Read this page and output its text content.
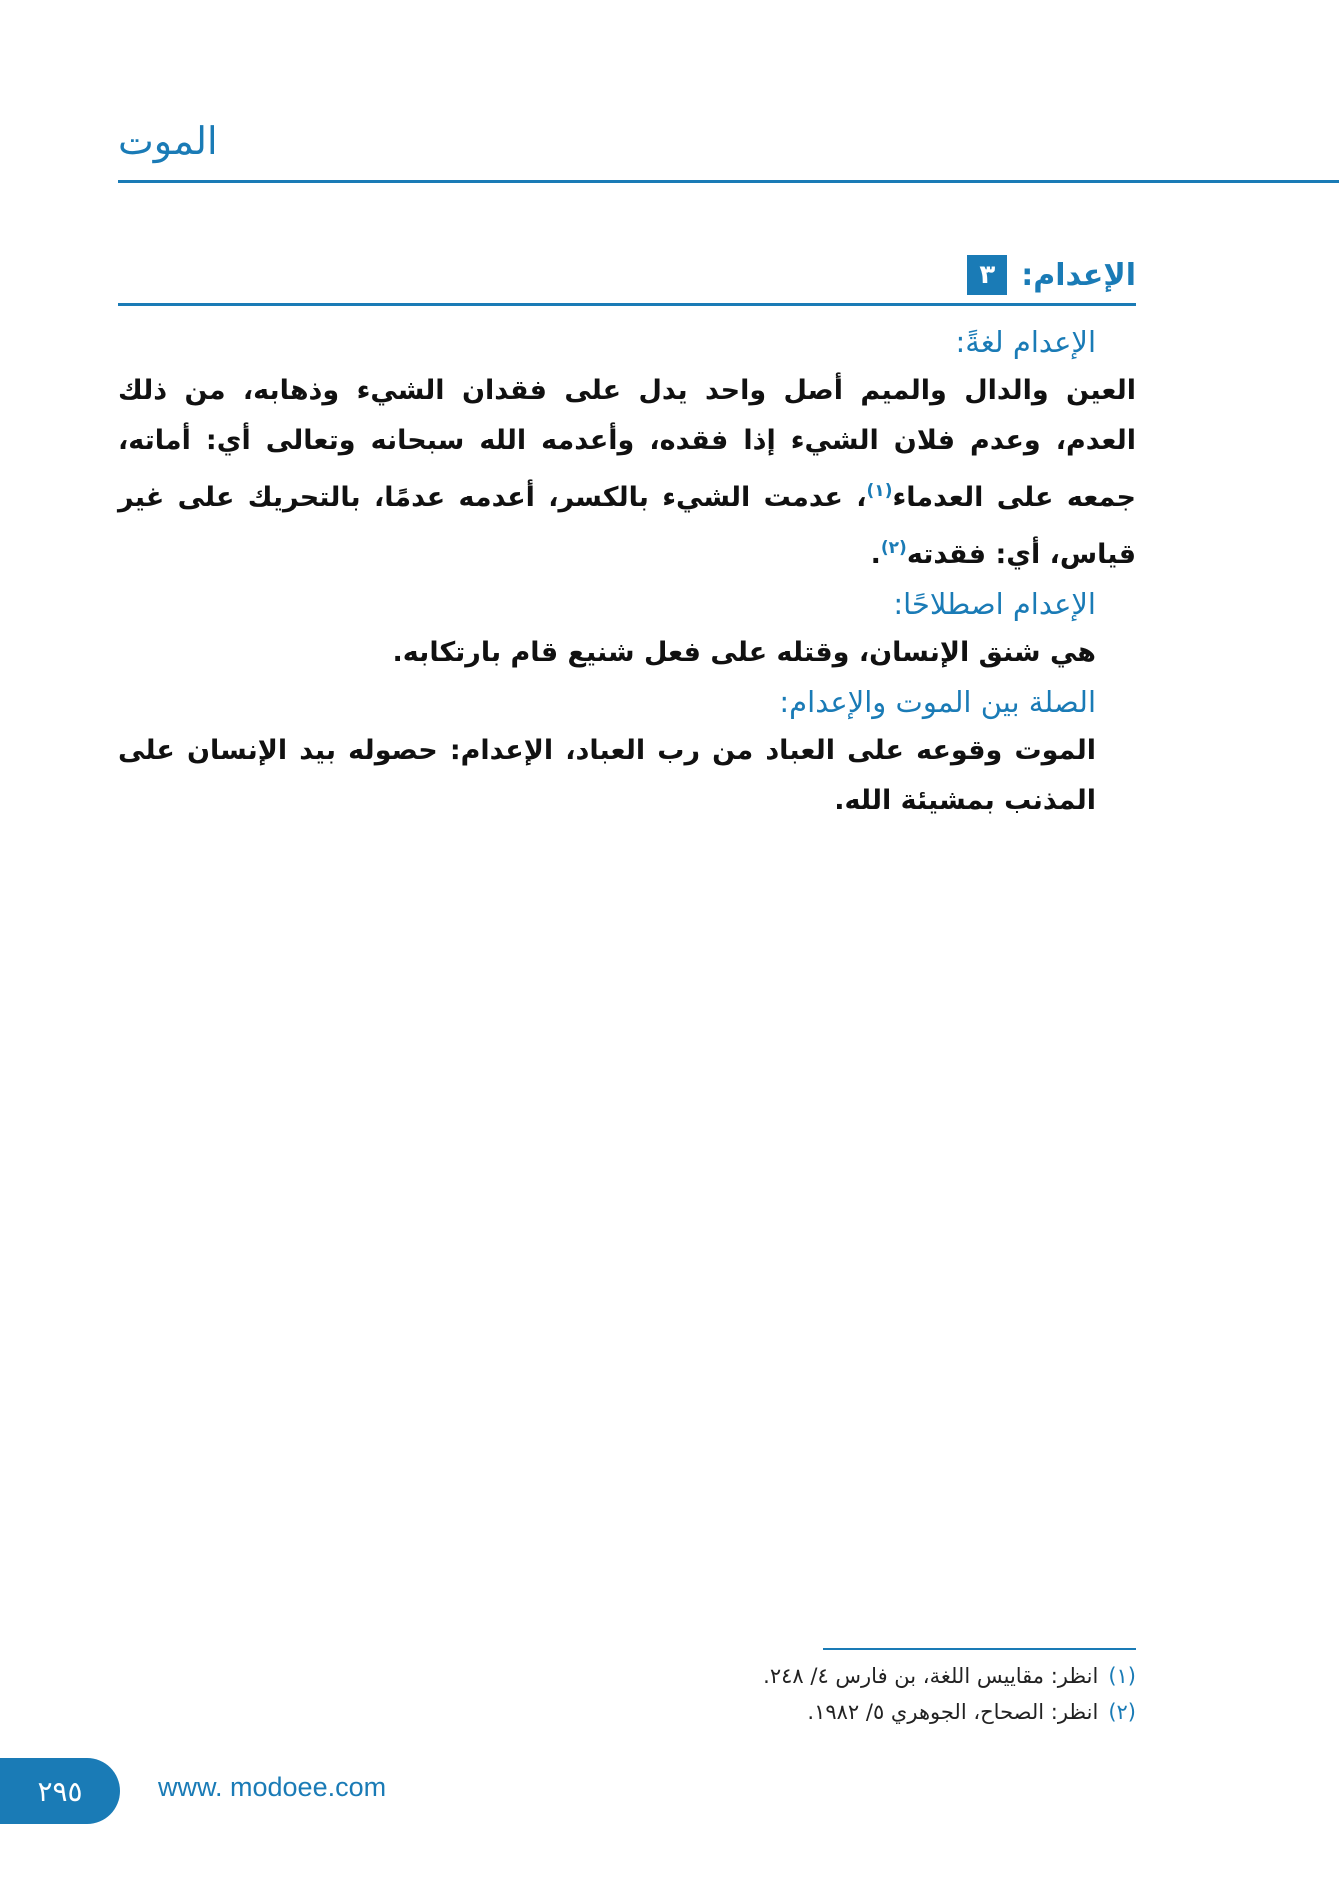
الموت
٣ الإعدام:

الإعدام لغةً:

العين والدال والميم أصل واحد يدل على فقدان الشيء وذهابه، من ذلك العدم، وعدم فلان الشيء إذا فقده، وأعدمه الله سبحانه وتعالى أي: أماته، جمعه على العدماء$^{(١)}$، عدمت الشيء بالكسر، أعدمه عدمًا، بالتحريك على غير قياس، أي: فقدته$^{(٢)}$.

الإعدام اصطلاحًا:

هي شنق الإنسان، وقتله على فعل شنيع قام بارتكابه.

الصلة بين الموت والإعدام:

الموت وقوعه على العباد من رب العباد، الإعدام: حصوله بيد الإنسان على المذنب بمشيئة الله.

(١)انظر: مقاييس اللغة، بن فارس ٤/ ٢٤٨.
(٢)انظر: الصحاح، الجوهري ٥/ ١٩٨٢.
٢٩٥	www. modoee.com
